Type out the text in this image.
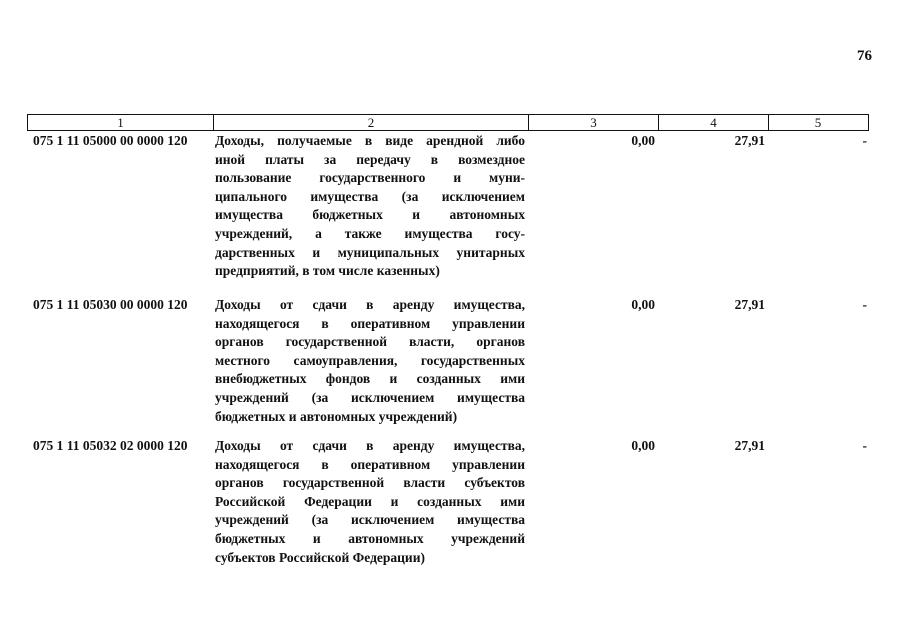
76
1	2	3	4	5
075 1 11 05000 00 0000 120 Доходы, получаемые в виде арендной либо
иной платы за передачу в возмездное
пользование государственного и муни-
ципального имущества (за исключением
имущества бюджетных и автономных
учреждений, а также имущества госу-
дарственных и муниципальных унитарных
предприятий, в том числе казенных)
0,00	27,91	-
075 1 11 05030 00 0000 120 Доходы от сдачи в аренду имущества,
находящегося в оперативном управлении
органов государственной власти, органов
местного самоуправления, государственных
внебюджетных фондов и созданных ими
учреждений (за исключением имущества
бюджетных и автономных учреждений)
0,00	27,91	-
075 1 11 05032 02 0000 120 Доходы от сдачи в аренду имущества,
находящегося в оперативном управлении
органов государственной власти субъектов
Российской Федерации и созданных ими
учреждений (за исключением имущества
бюджетных и автономных учреждений
субъектов Российской Федерации)
0,00	27,91	-
